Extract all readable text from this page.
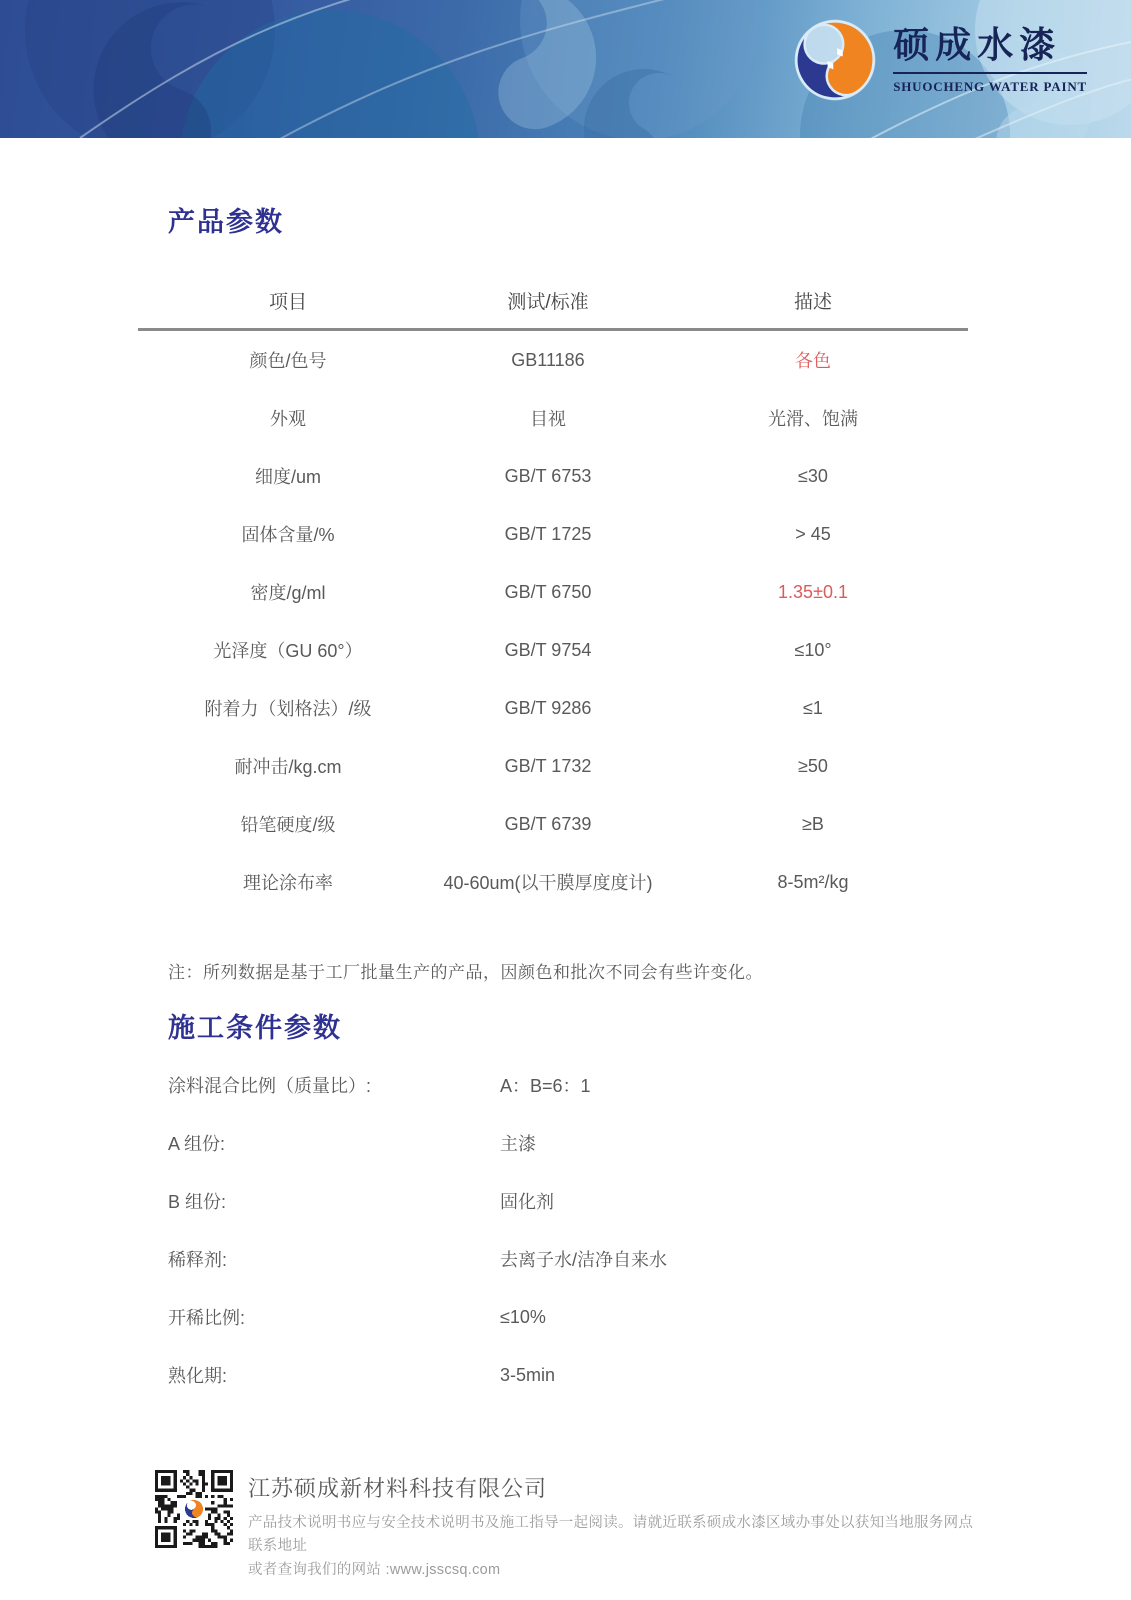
硕成水漆
SHUOCHENG WATER PAINT
产品参数
项目	测试/标准	描述
颜色/色号	GB11186	各色
外观	目视	光滑、饱满
细度/um	GB/T 6753	≤30
固体含量/%	GB/T 1725	> 45
密度/g/ml	GB/T 6750	1.35±0.1
光泽度（GU 60°）	GB/T 9754	≤10°
附着力（划格法）/级	GB/T 9286	≤1
耐冲击/kg.cm	GB/T 1732	≥50
铅笔硬度/级	GB/T 6739	≥B
理论涂布率	40-60um(以干膜厚度度计)	8-5m²/kg

注：所列数据是基于工厂批量生产的产品，因颜色和批次不同会有些许变化。

施工条件参数
涂料混合比例（质量比）:	A：B=6：1
A 组份:	主漆
B 组份:	固化剂
稀释剂:	去离子水/洁净自来水
开稀比例:	≤10%
熟化期:	3-5min
江苏硕成新材料科技有限公司

产品技术说明书应与安全技术说明书及施工指导一起阅读。请就近联系硕成水漆区域办事处以获知当地服务网点联系地址
或者查询我们的网站 :www.jsscsq.com
